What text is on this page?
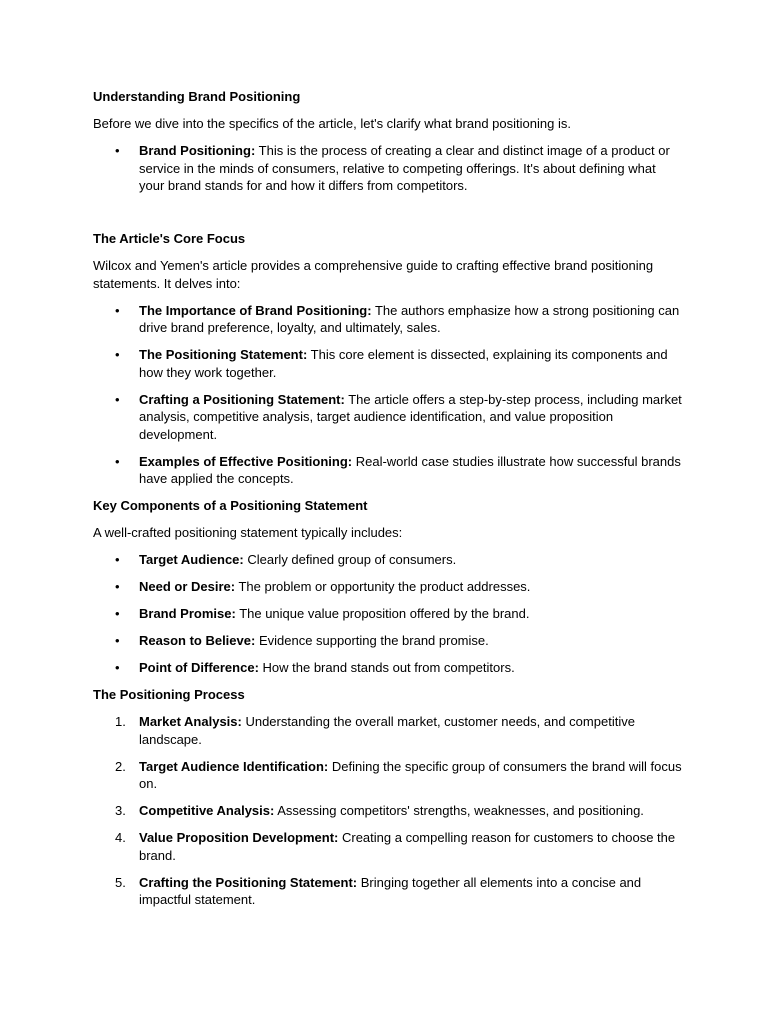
Understanding Brand Positioning
Before we dive into the specifics of the article, let's clarify what brand positioning is.
•	Brand Positioning: This is the process of creating a clear and distinct image of a product or service in the minds of consumers, relative to competing offerings. It's about defining what your brand stands for and how it differs from competitors.
The Article's Core Focus
Wilcox and Yemen's article provides a comprehensive guide to crafting effective brand positioning statements. It delves into:
•	The Importance of Brand Positioning: The authors emphasize how a strong positioning can drive brand preference, loyalty, and ultimately, sales.
•	The Positioning Statement: This core element is dissected, explaining its components and how they work together.
•	Crafting a Positioning Statement: The article offers a step-by-step process, including market analysis, competitive analysis, target audience identification, and value proposition development.
•	Examples of Effective Positioning: Real-world case studies illustrate how successful brands have applied the concepts.
Key Components of a Positioning Statement
A well-crafted positioning statement typically includes:
•	Target Audience: Clearly defined group of consumers.
•	Need or Desire: The problem or opportunity the product addresses.
•	Brand Promise: The unique value proposition offered by the brand.
•	Reason to Believe: Evidence supporting the brand promise.
•	Point of Difference: How the brand stands out from competitors.
The Positioning Process
1.	Market Analysis: Understanding the overall market, customer needs, and competitive landscape.
2.	Target Audience Identification: Defining the specific group of consumers the brand will focus on.
3.	Competitive Analysis: Assessing competitors' strengths, weaknesses, and positioning.
4.	Value Proposition Development: Creating a compelling reason for customers to choose the brand.
5.	Crafting the Positioning Statement: Bringing together all elements into a concise and impactful statement.
